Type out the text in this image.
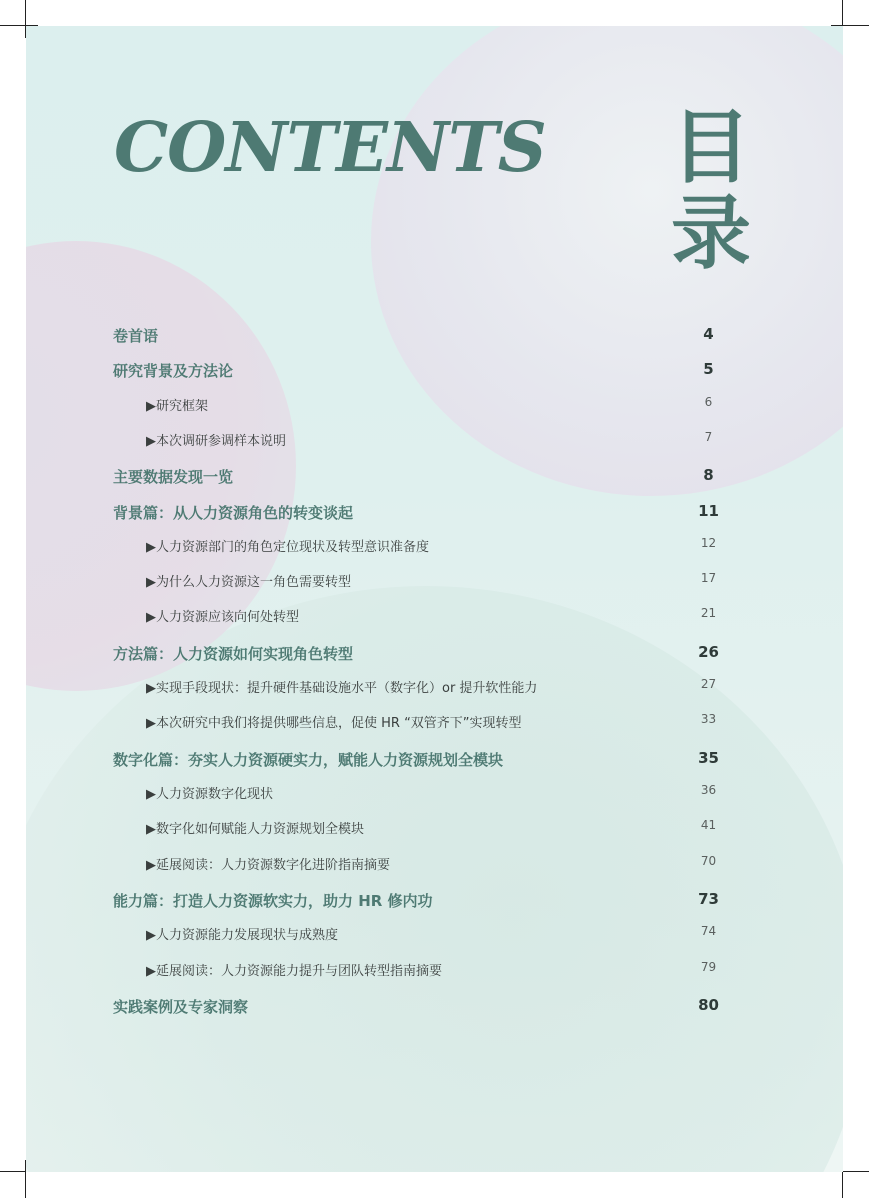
CONTENTS 目
录
卷首语	4
研究背景及方法论	5
▶研究框架	6
▶本次调研参调样本说明	7
主要数据发现一览	8
背景篇：从人力资源角色的转变谈起	11
▶人力资源部门的角色定位现状及转型意识准备度	12
▶为什么人力资源这一角色需要转型	17
▶人力资源应该向何处转型	21
方法篇：人力资源如何实现角色转型	26
▶实现手段现状：提升硬件基础设施水平（数字化）or 提升软性能力	27
▶本次研究中我们将提供哪些信息，促使 HR “双管齐下”实现转型	33
数字化篇：夯实人力资源硬实力，赋能人力资源规划全模块	35
▶人力资源数字化现状	36
▶数字化如何赋能人力资源规划全模块	41
▶延展阅读：人力资源数字化进阶指南摘要	70
能力篇：打造人力资源软实力，助力 HR 修内功	73
▶人力资源能力发展现状与成熟度	74
▶延展阅读：人力资源能力提升与团队转型指南摘要	79
实践案例及专家洞察	80
